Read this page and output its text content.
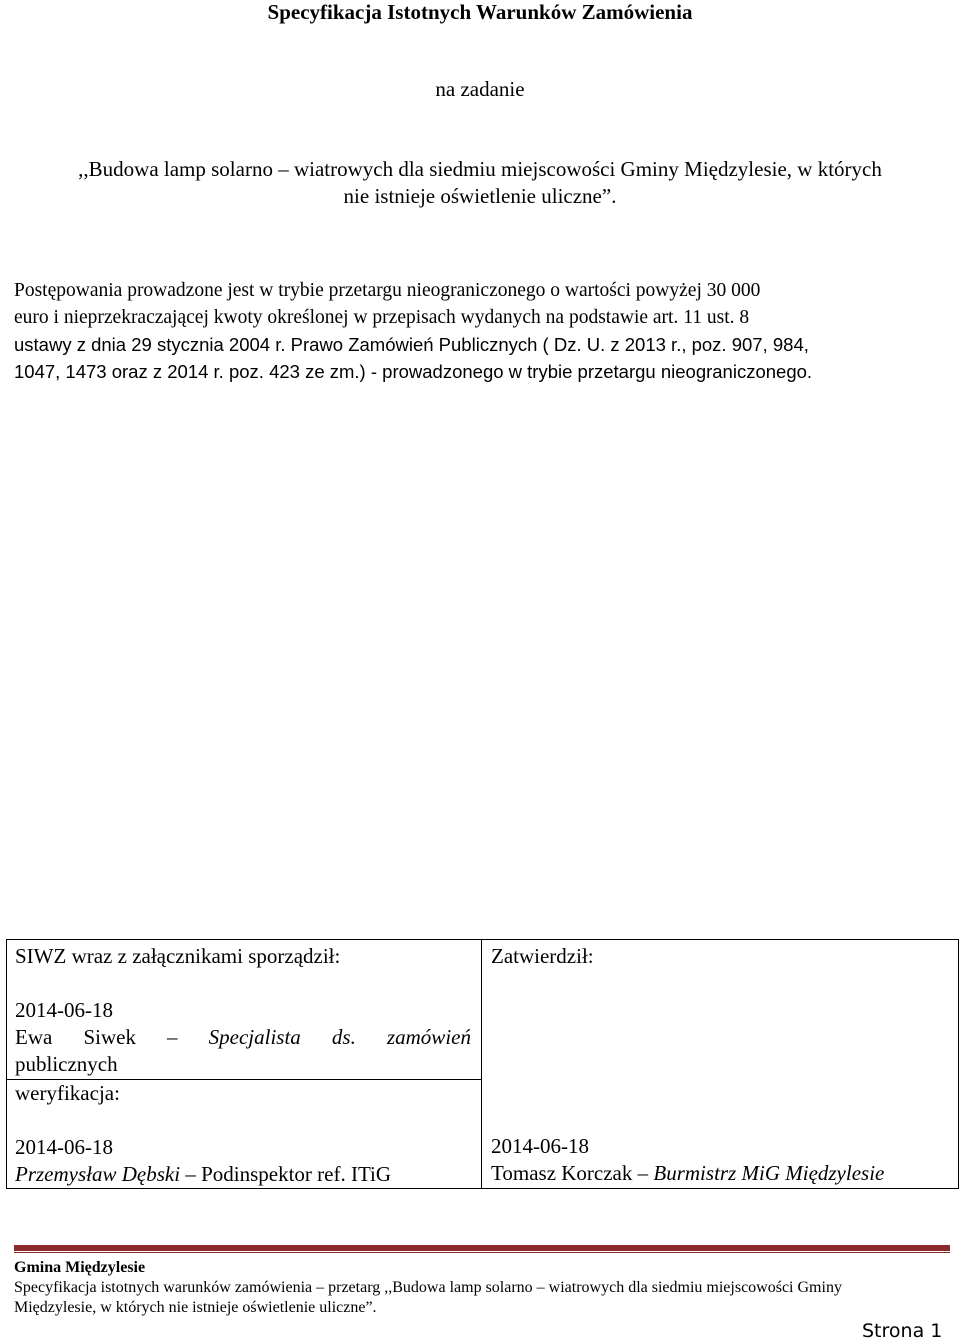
Specyfikacja Istotnych Warunków Zamówienia
na zadanie
,,Budowa lamp solarno – wiatrowych dla siedmiu miejscowości Gminy Międzylesie, w których
nie istnieje oświetlenie uliczne”.
Postępowania prowadzone jest w trybie przetargu nieograniczonego o wartości powyżej 30 000
euro i nieprzekraczającej kwoty określonej w przepisach wydanych na podstawie art. 11 ust. 8
ustawy z dnia 29 stycznia 2004 r. Prawo Zamówień Publicznych ( Dz. U. z 2013 r., poz. 907, 984,
1047, 1473 oraz z 2014 r. poz. 423 ze zm.) - prowadzonego w trybie przetargu nieograniczonego.
SIWZ wraz z załącznikami sporządził:
2014-06-18
Ewa Siwek – Specjalista ds. zamówień
publicznych
weryfikacja:
2014-06-18
Przemysław Dębski – Podinspektor ref. ITiG
Zatwierdził:
2014-06-18
Tomasz Korczak – Burmistrz MiG Międzylesie
Gmina Międzylesie
Specyfikacja istotnych warunków zamówienia – przetarg ,,Budowa lamp solarno – wiatrowych dla siedmiu miejscowości Gminy
Międzylesie, w których nie istnieje oświetlenie uliczne”.
Strona 1
